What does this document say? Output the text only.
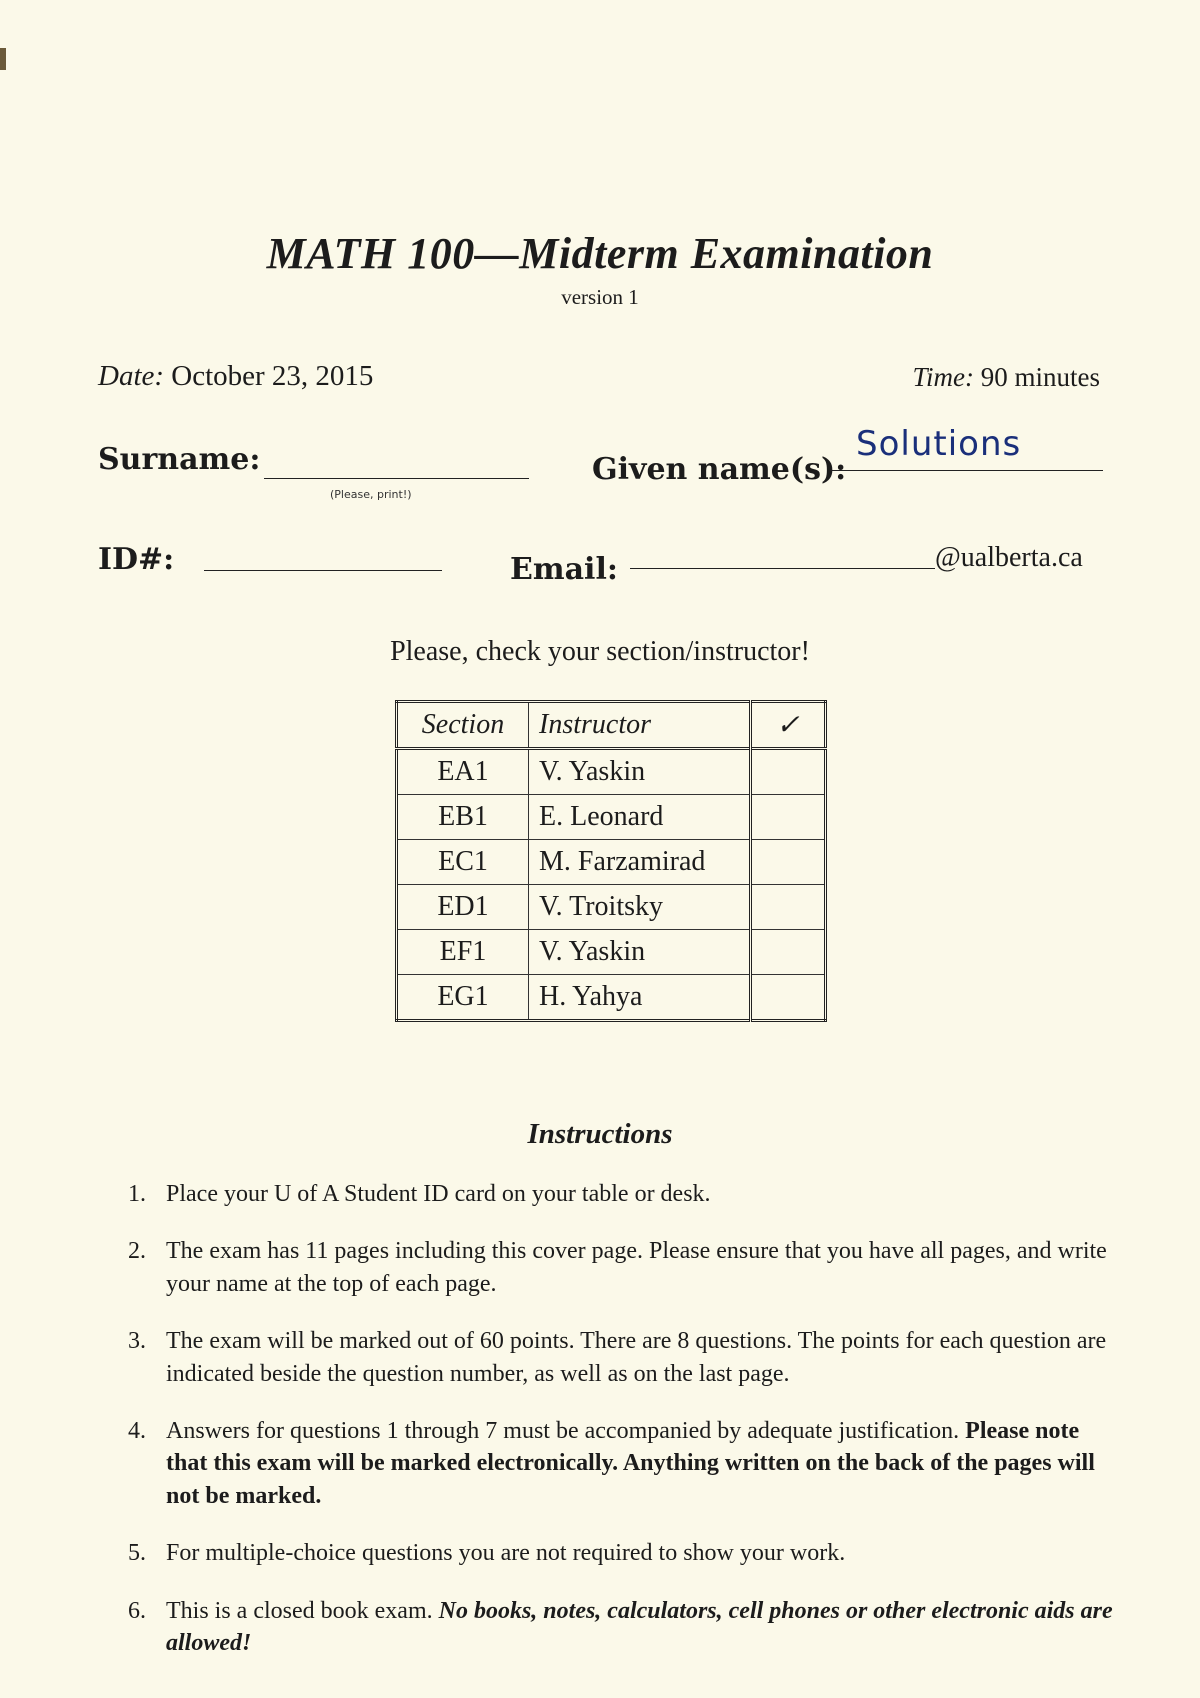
MATH 100—Midterm Examination
version 1
Date: October 23, 2015	Time: 90 minutes
Surname:
(Please, print!)
Given name(s):
Solutions
ID#:	Email:	@ualberta.ca
Please, check your section/instructor!
Section	Instructor	✓
EA1	V. Yaskin	
EB1	E. Leonard	
EC1	M. Farzamirad	
ED1	V. Troitsky	
EF1	V. Yaskin	
EG1	H. Yahya	
Instructions
1. Place your U of A Student ID card on your table or desk.
2. The exam has 11 pages including this cover page. Please ensure that you have all pages, and write your name at the top of each page.
3. The exam will be marked out of 60 points. There are 8 questions. The points for each question are indicated beside the question number, as well as on the last page.
4. Answers for questions 1 through 7 must be accompanied by adequate justification. Please note that this exam will be marked electronically. Anything written on the back of the pages will not be marked.
5. For multiple-choice questions you are not required to show your work.
6. This is a closed book exam. No books, notes, calculators, cell phones or other electronic aids are allowed!
